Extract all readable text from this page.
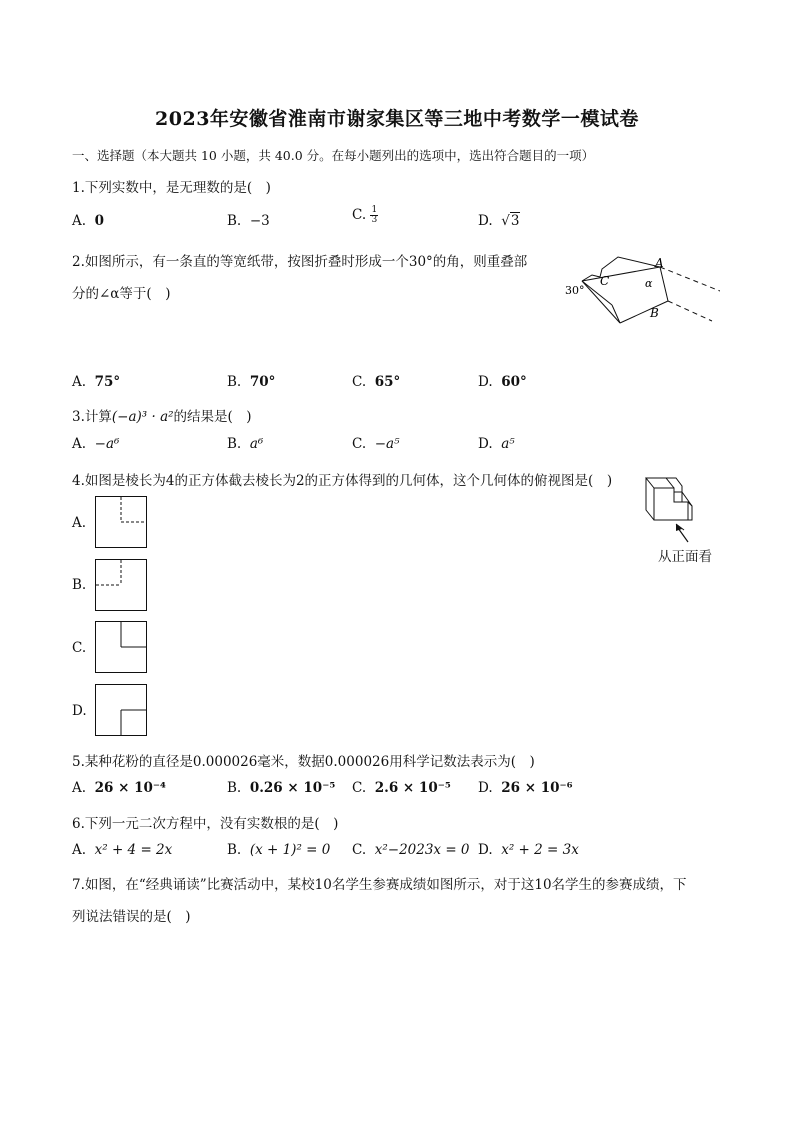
2023年安徽省淮南市谢家集区等三地中考数学一模试卷
一、选择题（本大题共 10 小题，共 40.0 分。在每小题列出的选项中，选出符合题目的一项）
1.下列实数中，是无理数的是(　)
A. 0	B. −3	C. $\frac{1}{3}$	D. √3
2.如图所示，有一条直的等宽纸带，按图折叠时形成一个30°的角，则重叠部
分的∠α等于(　)
A
B
C	α
30°
A. 75°	B. 70°	C. 65°	D. 60°
3.计算(−a)³ · a²的结果是(　)
A. −a⁶	B. a⁶	C. −a⁵	D. a⁵
4.如图是棱长为4的正方体截去棱长为2的正方体得到的几何体，这个几何体的俯视图是(　)
从正面看
A.
B.
C.
D.
5.某种花粉的直径是0.000026毫米，数据0.000026用科学记数法表示为(　)
A. 26 × 10⁻⁴	B. 0.26 × 10⁻⁵ C. 2.6 × 10⁻⁵ D. 26 × 10⁻⁶
6.下列一元二次方程中，没有实数根的是(　)
A. x² + 4 = 2x	B. (x + 1)² = 0 C. x²−2023x = 0 D. x² + 2 = 3x
7.如图，在“经典诵读”比赛活动中，某校10名学生参赛成绩如图所示，对于这10名学生的参赛成绩，下
列说法错误的是(　)
